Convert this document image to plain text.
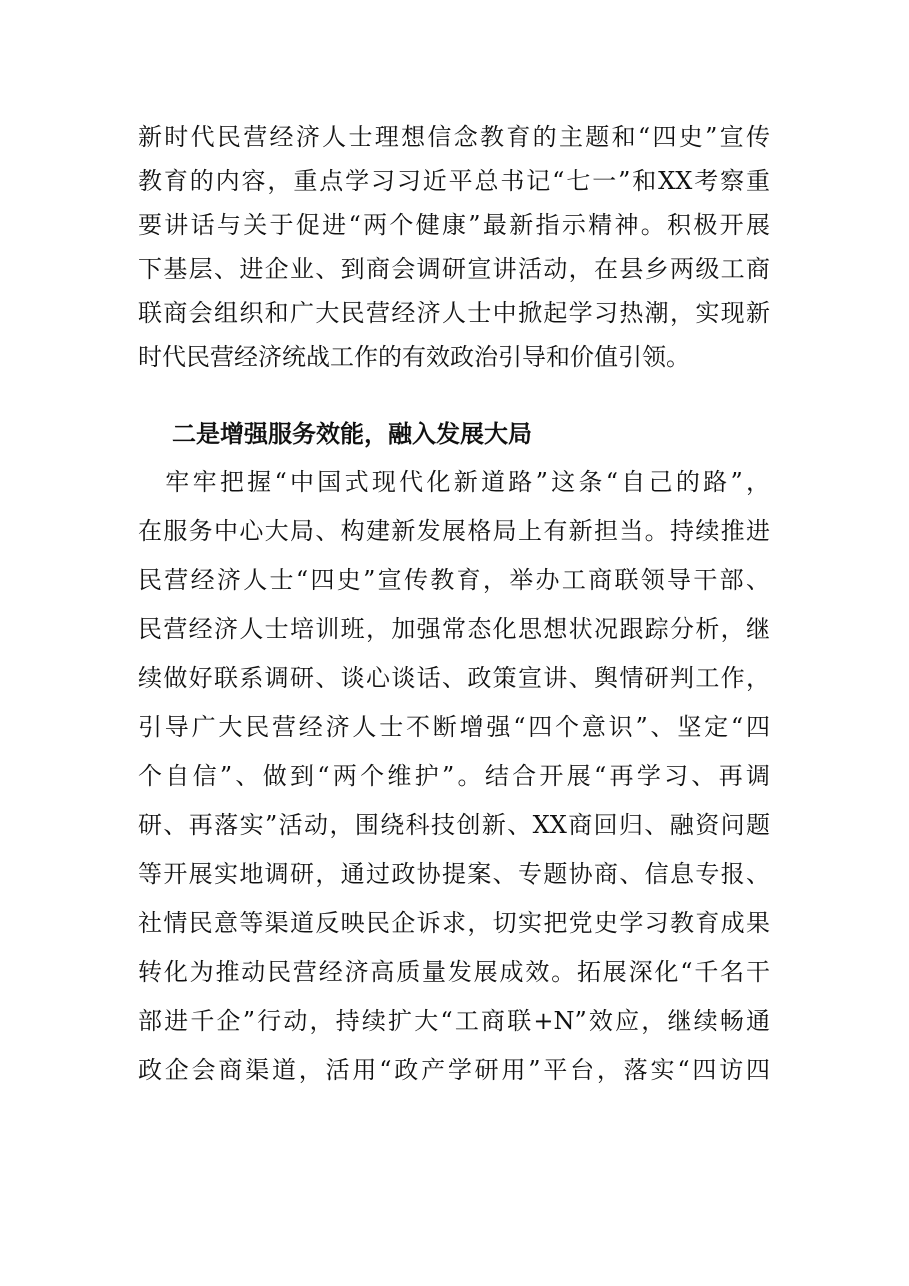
新时代民营经济人士理想信念教育的主题和“四史”宣传
教育的内容，重点学习习近平总书记“七一”和XX考察重
要讲话与关于促进“两个健康”最新指示精神。积极开展
下基层、进企业、到商会调研宣讲活动，在县乡两级工商
联商会组织和广大民营经济人士中掀起学习热潮，实现新
时代民营经济统战工作的有效政治引导和价值引领。
二是增强服务效能，融入发展大局
　牢牢把握“中国式现代化新道路”这条“自己的路”，
在服务中心大局、构建新发展格局上有新担当。持续推进
民营经济人士“四史”宣传教育，举办工商联领导干部、
民营经济人士培训班，加强常态化思想状况跟踪分析，继
续做好联系调研、谈心谈话、政策宣讲、舆情研判工作，
引导广大民营经济人士不断增强“四个意识”、坚定“四
个自信”、做到“两个维护”。结合开展“再学习、再调
研、再落实”活动，围绕科技创新、XX商回归、融资问题
等开展实地调研，通过政协提案、专题协商、信息专报、
社情民意等渠道反映民企诉求，切实把党史学习教育成果
转化为推动民营经济高质量发展成效。拓展深化“千名干
部进千企”行动，持续扩大“工商联+N”效应，继续畅通
政企会商渠道，活用“政产学研用”平台，落实“四访四
